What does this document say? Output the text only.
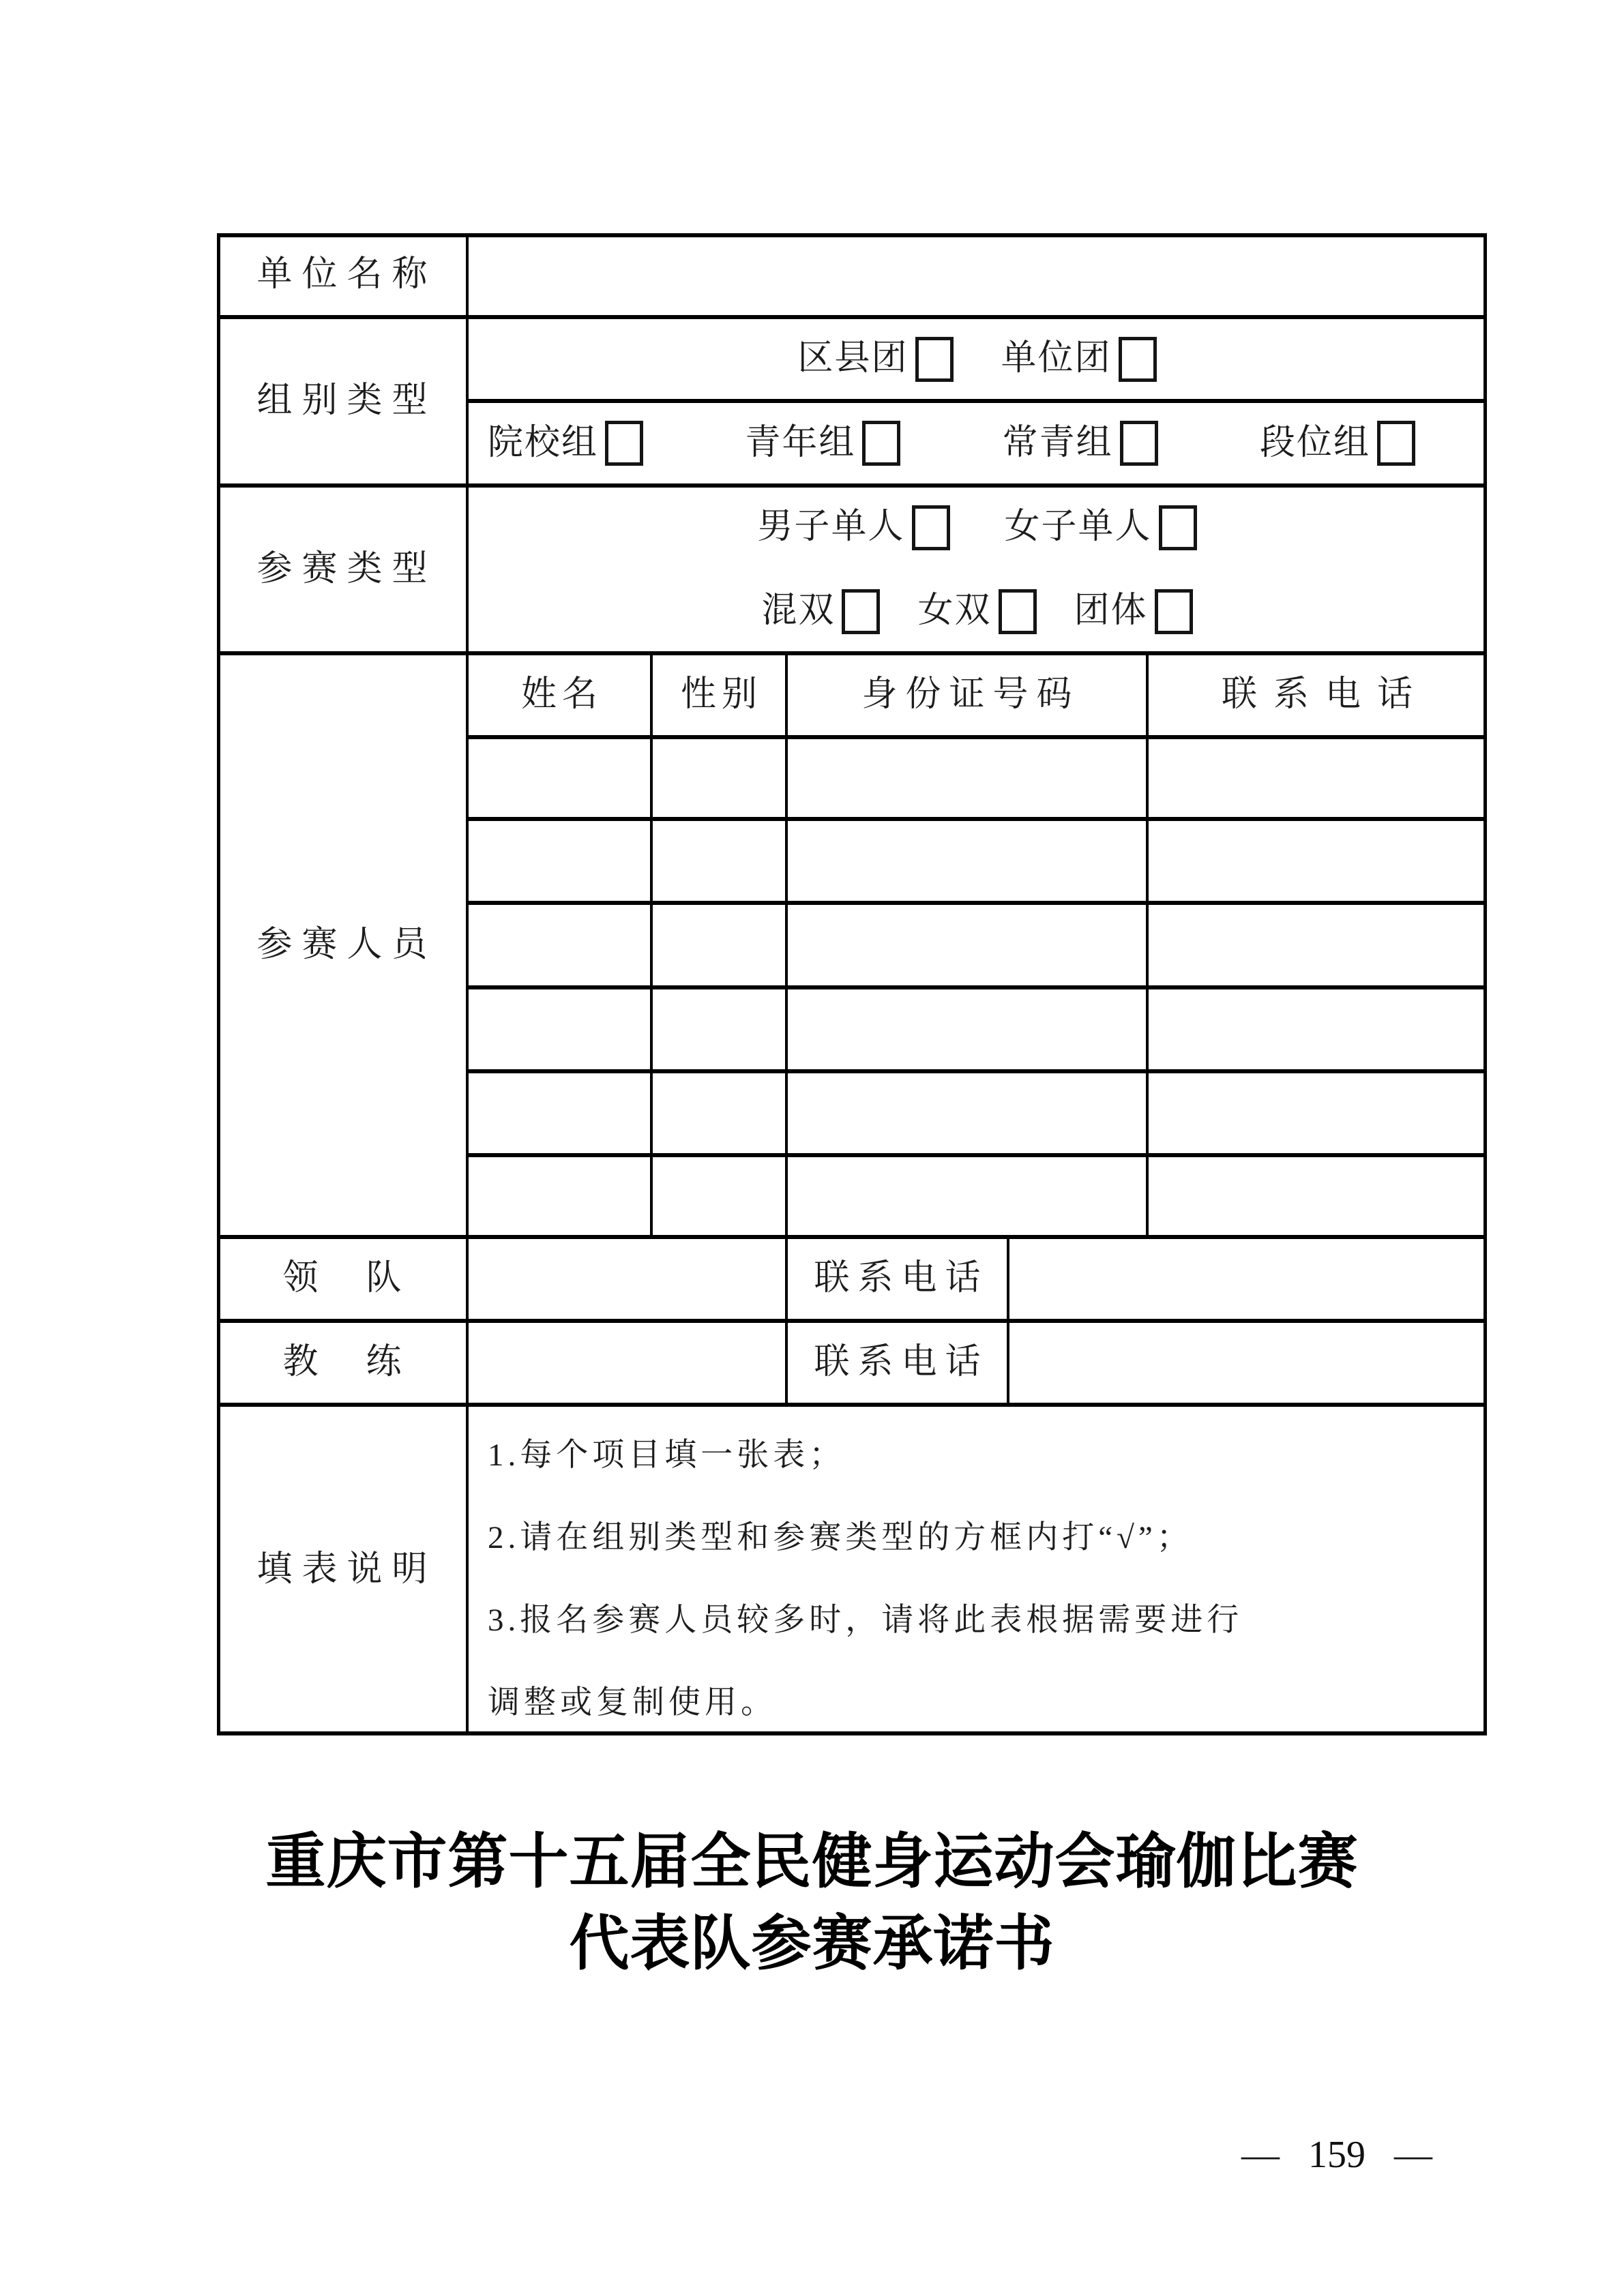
单位名称
组别类型
区县团	单位团
院校组	青年组	常青组	段位组
参赛类型
男子单人	女子单人
混双 女双 团体
参赛人员
姓名	性别	身份证号码	联系电话
领队	联系电话
教练	联系电话
填表说明
1.每个项目填一张表；
2.请在组别类型和参赛类型的方框内打“√”；
3.报名参赛人员较多时，请将此表根据需要进行
调整或复制使用。
重庆市第十五届全民健身运动会瑜伽比赛
代表队参赛承诺书
— 159 —
